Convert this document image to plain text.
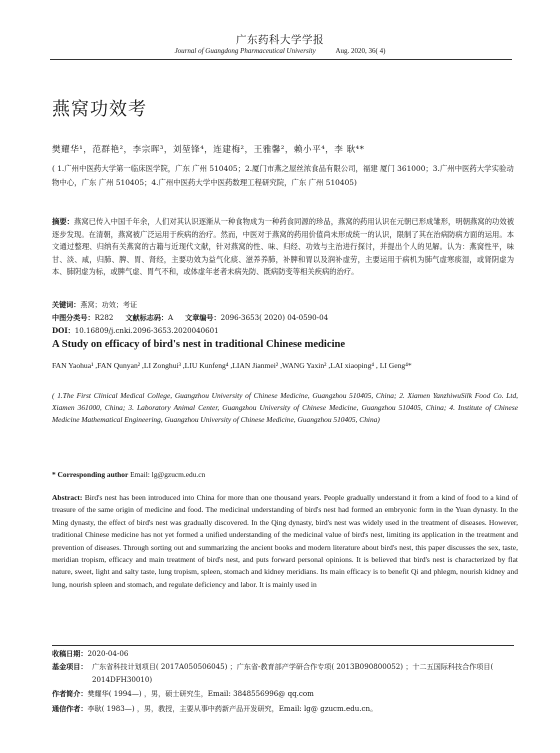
广东药科大学学报
Journal of Guangdong Pharmaceutical University	Aug. 2020, 36( 4)
燕窝功效考
樊耀华¹，范群艳²，李宗晖³，刘堃锋⁴，连建梅²，王雅馨²，赖小平⁴，李 耿⁴*
( 1.广州中医药大学第一临床医学院，广东 广州 510405；2.厦门市燕之屋丝浓食品有限公司，福建 厦门 361000；3.广州中医药大学实验动物中心，广东 广州 510405；4.广州中医药大学中医药数理工程研究院，广东 广州 510405)
摘要：燕窝已传入中国千年余，人们对其认识逐渐从一种食物成为一种药食同源的珍品，燕窝的药用认识在元朝已形成雏形，明朝燕窝的功效被逐步发现。在清朝，燕窝被广泛运用于疾病的治疗。然而，中医对于燕窝的药用价值尚未形成统一的认识，限制了其在治病防病方面的运用。本文通过整理、归纳有关燕窝的古籍与近现代文献，针对燕窝的性、味、归经、功效与主治进行探讨，并提出个人的见解。认为：燕窝性平，味甘、淡、咸，归肺、脾、胃、肾经，主要功效为益气化痰、滋养养肺，补脾和胃以及润补虚劳，主要运用于病机为肺气虚寒痰湿，或肾阴虚为本、肺阴虚为标，或脾气虚、胃气不和，或体虚年老者未病先防、既病防变等相关疾病的治疗。
关键词：燕窝；功效；考证
中图分类号：R282 文献标志码：A 文章编号：2096-3653( 2020) 04-0590-04
DOI：10.16809/j.cnki.2096-3653.2020040601
A Study on efficacy of bird's nest in traditional Chinese medicine
FAN Yaohua¹ ,FAN Qunyan² ,LI Zonghui³ ,LIU Kunfeng⁴ ,LIAN Jianmei² ,WANG Yaxin² ,LAI xiaoping⁴ , LI Geng⁴*
( 1.The First Clinical Medical College, Guangzhou University of Chinese Medicine, Guangzhou 510405, China; 2. Xiamen YanzhiwuSilk Food Co. Ltd, Xiamen 361000, China; 3. Laboratory Animal Center, Guangzhou University of Chinese Medicine, Guangzhou 510405, China; 4. Institute of Chinese Medicine Mathematical Engineering, Guangzhou University of Chinese Medicine, Guangzhou 510405, China)
* Corresponding author Email: lg@gzucm.edu.cn
Abstract: Bird's nest has been introduced into China for more than one thousand years. People gradually understand it from a kind of food to a kind of treasure of the same origin of medicine and food. The medicinal understanding of bird's nest had formed an embryonic form in the Yuan dynasty. In the Ming dynasty, the effect of bird's nest was gradually discovered. In the Qing dynasty, bird's nest was widely used in the treatment of diseases. However, traditional Chinese medicine has not yet formed a unified understanding of the medicinal value of bird's nest, limiting its application in the treatment and prevention of diseases. Through sorting out and summarizing the ancient books and modern literature about bird's nest, this paper discusses the sex, taste, meridian tropism, efficacy and main treatment of bird's nest, and puts forward personal opinions. It is believed that bird's nest is characterized by flat nature, sweet, light and salty taste, lung tropism, spleen, stomach and kidney meridians. Its main efficacy is to benefit Qi and phlegm, nourish kidney and lung, nourish spleen and stomach, and regulate deficiency and labor. It is mainly used in
收稿日期：2020-04-06
基金项目： 广东省科技计划项目( 2017A050506045) ；广东省-教育部产学研合作专项( 2013B090800052) ；十二五国际科技合作项目( 2014DFH30010)
作者简介：樊耀华( 1994—) ，男，硕士研究生，Email: 3848556996@ qq.com
通信作者：李耿( 1983—) ，男，教授，主要从事中药新产品开发研究，Email: lg@ gzucm.edu.cn。
